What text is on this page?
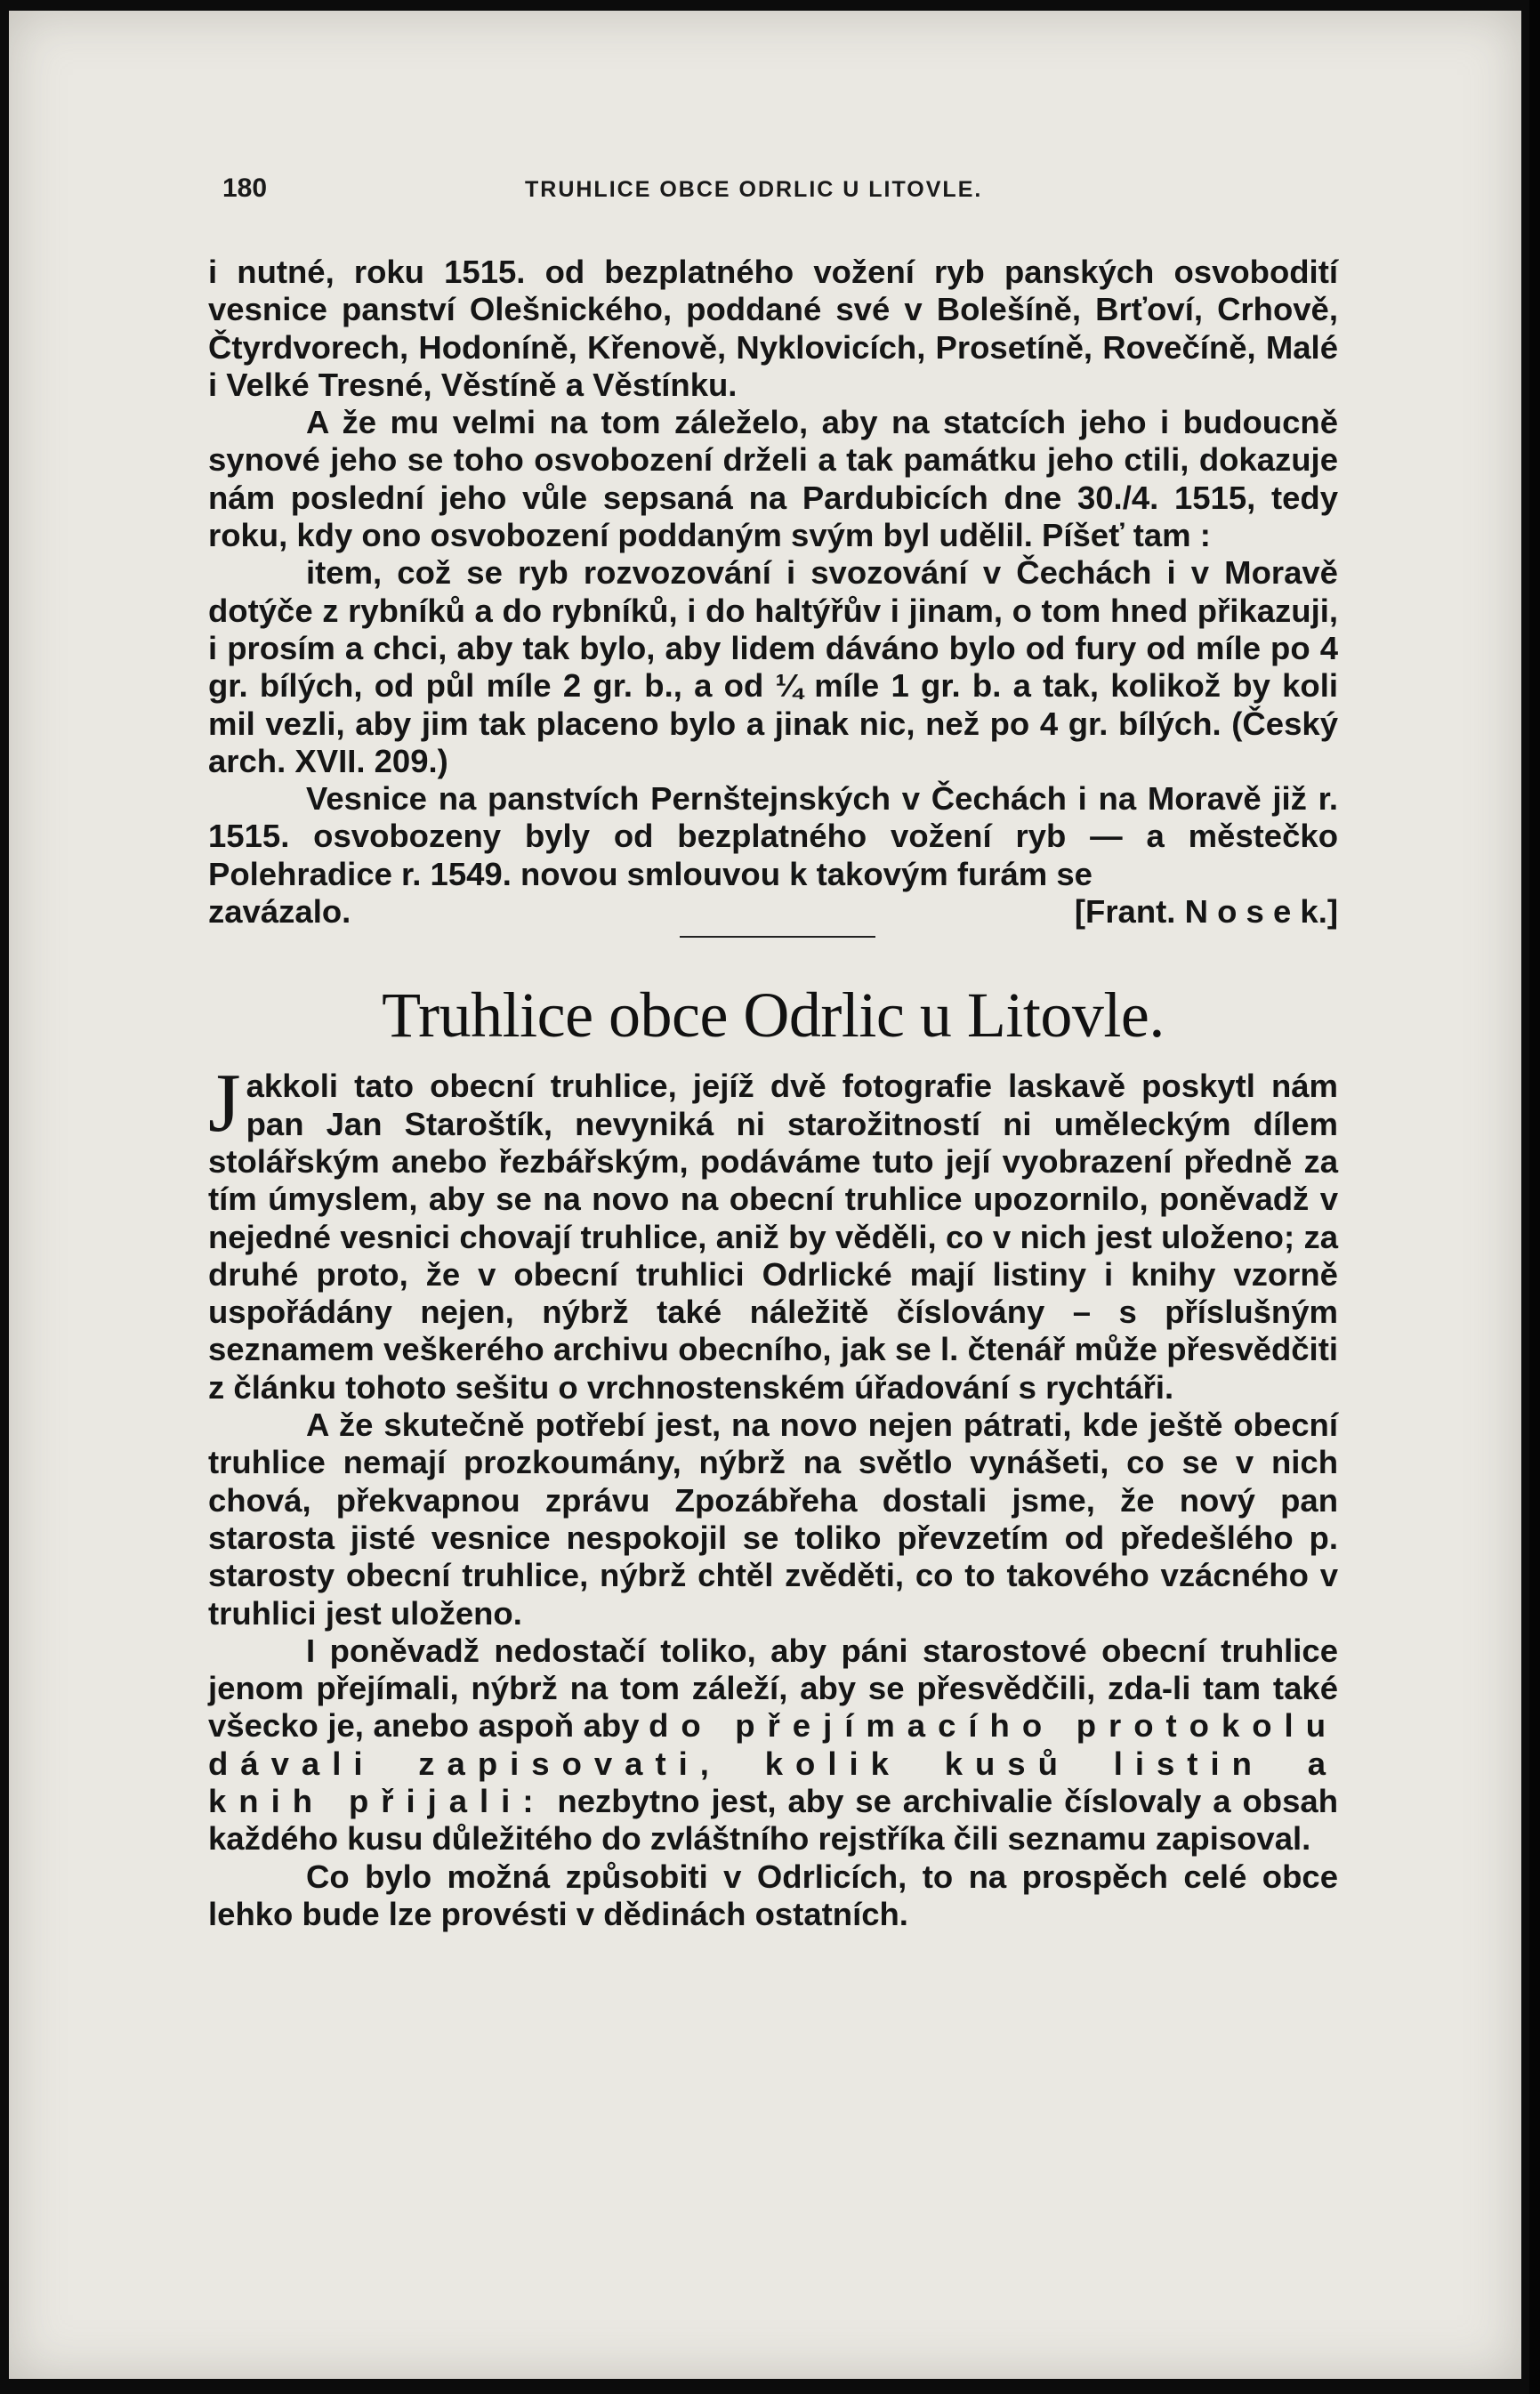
180	TRUHLICE OBCE ODRLIC U LITOVLE.

i nutné, roku 1515. od bezplatného vožení ryb panských osvobodití vesnice panství Olešnického, poddané své v Bolešíně, Brťoví, Crhově, Čtyrdvorech, Hodoníně, Křenově, Nyklovicích, Prosetíně, Rovečíně, Malé i Velké Tresné, Věstíně a Věstínku.

A že mu velmi na tom záleželo, aby na statcích jeho i budoucně synové jeho se toho osvobození drželi a tak památku jeho ctili, dokazuje nám poslední jeho vůle sepsaná na Pardubicích dne 30./4. 1515, tedy roku, kdy ono osvobození poddaným svým byl udělil. Píšeť tam :

item, což se ryb rozvozování i svozování v Čechách i v Moravě dotýče z rybníků a do rybníků, i do haltýřův i jinam, o tom hned přikazuji, i prosím a chci, aby tak bylo, aby lidem dáváno bylo od fury od míle po 4 gr. bílých, od půl míle 2 gr. b., a od ¼ míle 1 gr. b. a tak, kolikož by koli mil vezli, aby jim tak placeno bylo a jinak nic, než po 4 gr. bílých. (Český arch. XVII. 209.)

Vesnice na panstvích Pernštejnských v Čechách i na Moravě již r. 1515. osvobozeny byly od bezplatného vožení ryb — a městečko Polehradice r. 1549. novou smlouvou k takovým furám se

zavázalo.	[Frant. N o s e k.]
Truhlice obce Odrlic u Litovle.

Jakkoli tato obecní truhlice, jejíž dvě fotografie laskavě poskytl nám pan Jan Staroštík, nevyniká ni starožitností ni uměleckým dílem stolářským anebo řezbářským, podáváme tuto její vyobrazení předně za tím úmyslem, aby se na novo na obecní truhlice upozornilo, poněvadž v nejedné vesnici chovají truhlice, aniž by věděli, co v nich jest uloženo; za druhé proto, že v obecní truhlici Odrlické mají listiny i knihy vzorně uspořádány nejen, nýbrž také náležitě číslovány – s příslušným seznamem veškerého archivu obecního, jak se l. čtenář může přesvědčiti z článku tohoto sešitu o vrchnostenském úřadování s rychtáři.

A že skutečně potřebí jest, na novo nejen pátrati, kde ještě obecní truhlice nemají prozkoumány, nýbrž na světlo vynášeti, co se v nich chová, překvapnou zprávu Zpozábřeha dostali jsme, že nový pan starosta jisté vesnice nespokojil se toliko převzetím od předešlého p. starosty obecní truhlice, nýbrž chtěl zvěděti, co to takového vzácného v truhlici jest uloženo.

I poněvadž nedostačí toliko, aby páni starostové obecní truhlice jenom přejímali, nýbrž na tom záleží, aby se přesvědčili, zda-li tam také všecko je, anebo aspoň aby do přejímacího protokolu dávali zapisovati, kolik kusů listin a knih přijali: nezbytno jest, aby se archivalie číslovaly a obsah každého kusu důležitého do zvláštního rejstříka čili seznamu zapisoval.

Co bylo možná způsobiti v Odrlicích, to na prospěch celé obce lehko bude lze provésti v dědinách ostatních.
